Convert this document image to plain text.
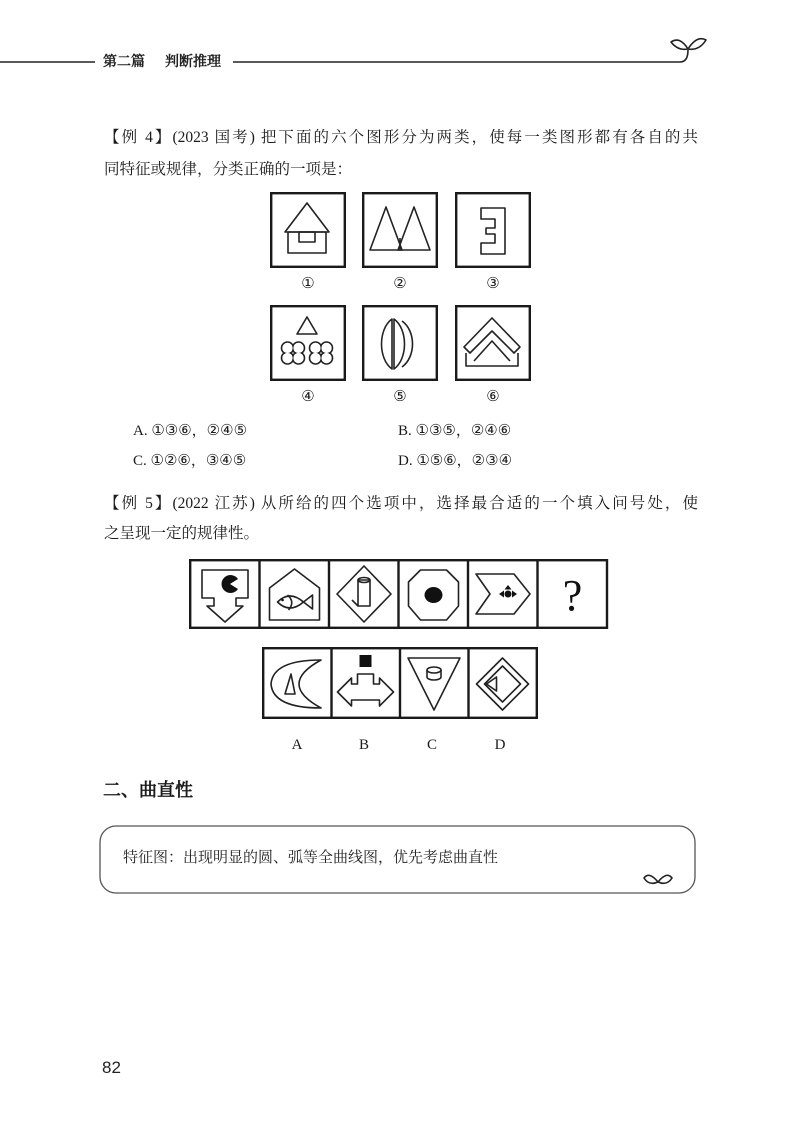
第二篇 判断推理
【例 4】(2023 国考) 把下面的六个图形分为两类，使每一类图形都有各自的共
同特征或规律，分类正确的一项是：
①	②	③
④	⑤	⑥
A. ①③⑥，②④⑤	B. ①③⑤，②④⑥
C. ①②⑥，③④⑤	D. ①⑤⑥，②③④
【例 5】(2022 江苏) 从所给的四个选项中，选择最合适的一个填入问号处，使
之呈现一定的规律性。
?
A	B	C	D
二、曲直性
特征图：出现明显的圆、弧等全曲线图，优先考虑曲直性
82
